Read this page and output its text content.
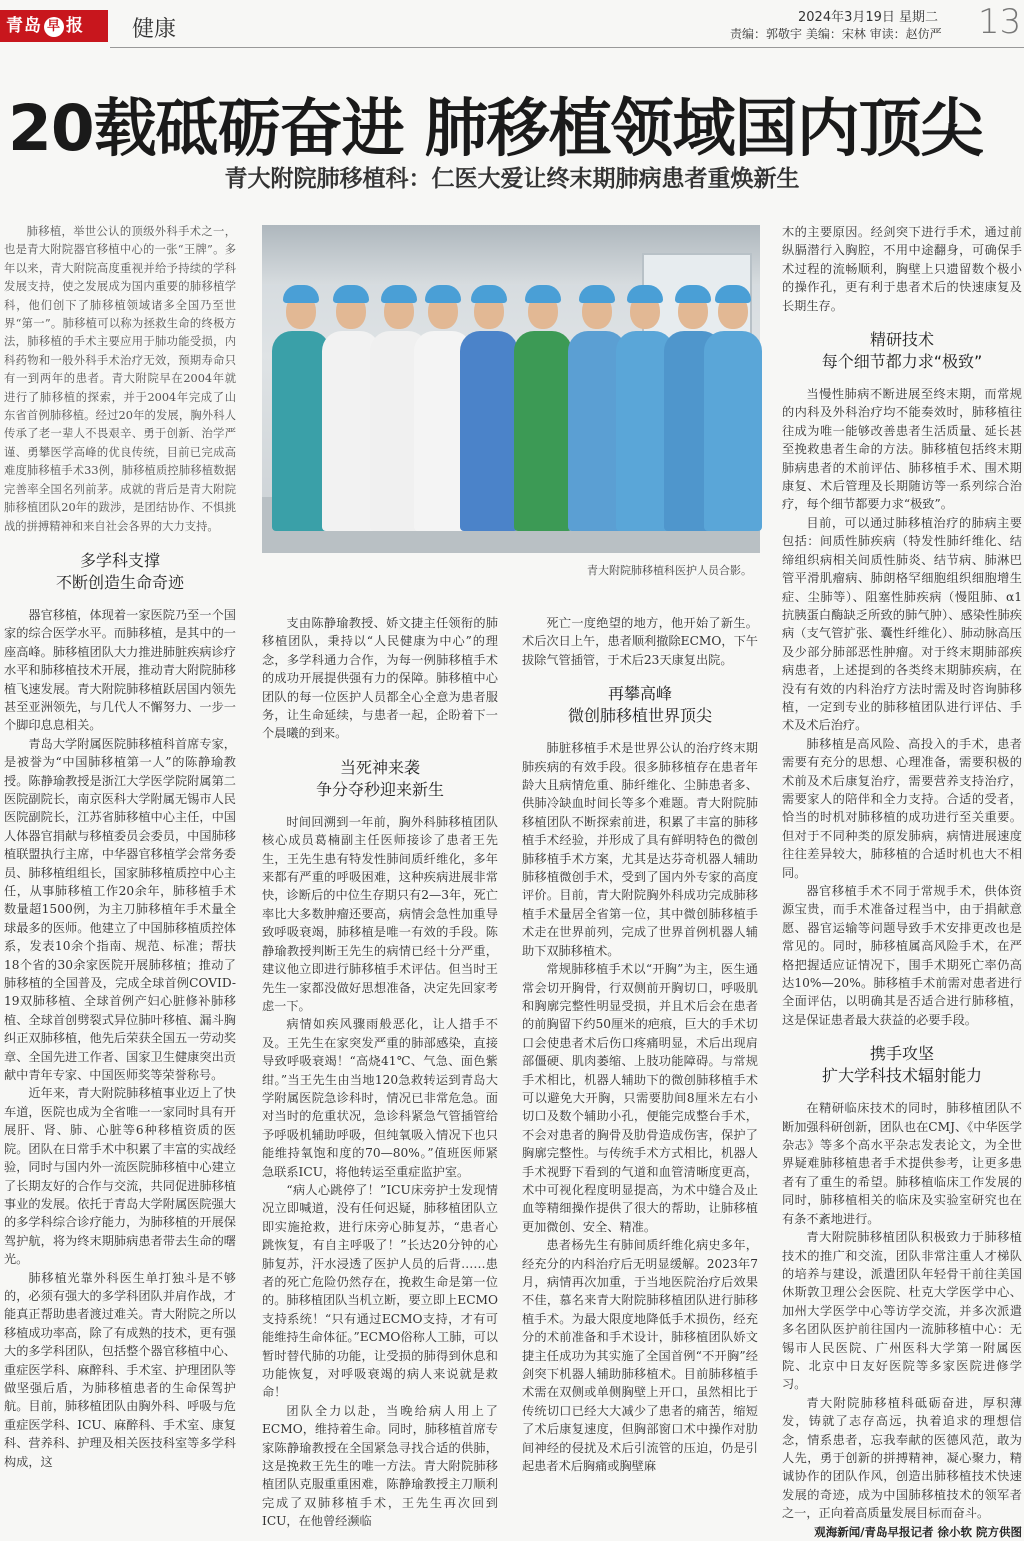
青岛 早 报	健康	2024年3月19日 星期二
责编：郭敬宇 美编：宋林 审读：赵仿严 13
20载砥砺奋进 肺移植领域国内顶尖
青大附院肺移植科：仁医大爱让终末期肺病患者重焕新生

肺移植，举世公认的顶级外科手术之一，也是青大附院器官移植中心的一张“王牌”。多年以来，青大附院高度重视并给予持续的学科发展支持，使之发展成为国内重要的肺移植学科，他们创下了肺移植领域诸多全国乃至世界“第一”。肺移植可以称为拯救生命的终极方法，肺移植的手术主要应用于肺功能受损，内科药物和一般外科手术治疗无效，预期寿命只有一到两年的患者。青大附院早在2004年就进行了肺移植的探索，并于2004年完成了山东省首例肺移植。经过20年的发展，胸外科人传承了老一辈人不畏艰辛、勇于创新、治学严谨、勇攀医学高峰的优良传统，目前已完成高难度肺移植手术33例，肺移植质控肺移植数据完善率全国名列前茅。成就的背后是青大附院肺移植团队20年的跋涉，是团结协作、不惧挑战的拼搏精神和来自社会各界的大力支持。

多学科支撑
不断创造生命奇迹

器官移植，体现着一家医院乃至一个国家的综合医学水平。而肺移植，是其中的一座高峰。肺移植团队大力推进肺脏疾病诊疗水平和肺移植技术开展，推动青大附院肺移植飞速发展。青大附院肺移植跃居国内领先甚至亚洲领先，与几代人不懈努力、一步一个脚印息息相关。

青岛大学附属医院肺移植科首席专家，是被誉为“中国肺移植第一人”的陈静瑜教授。陈静瑜教授是浙江大学医学院附属第二医院副院长，南京医科大学附属无锡市人民医院副院长，江苏省肺移植中心主任，中国人体器官捐献与移植委员会委员，中国肺移植联盟执行主席，中华器官移植学会常务委员、肺移植组组长，国家肺移植质控中心主任，从事肺移植工作20余年，肺移植手术数量超1500例，为主刀肺移植年手术量全球最多的医师。他建立了中国肺移植质控体系，发表10余个指南、规范、标准；帮扶18个省的30余家医院开展肺移植；推动了肺移植的全国普及，完成全球首例COVID-19双肺移植、全球首例产妇心脏修补肺移植、全球首创劈裂式异位肺叶移植、漏斗胸纠正双肺移植，他先后荣获全国五一劳动奖章、全国先进工作者、国家卫生健康突出贡献中青年专家、中国医师奖等荣誉称号。

近年来，青大附院肺移植事业迈上了快车道，医院也成为全省唯一一家同时具有开展肝、肾、肺、心脏等6种移植资质的医院。团队在日常手术中积累了丰富的实战经验，同时与国内外一流医院肺移植中心建立了长期友好的合作与交流，共同促进肺移植事业的发展。依托于青岛大学附属医院强大的多学科综合诊疗能力，为肺移植的开展保驾护航，将为终末期肺病患者带去生命的曙光。

肺移植光靠外科医生单打独斗是不够的，必须有强大的多学科团队并肩作战，才能真正帮助患者渡过难关。青大附院之所以移植成功率高，除了有成熟的技术，更有强大的多学科团队，包括整个器官移植中心、重症医学科、麻醉科、手术室、护理团队等做坚强后盾，为肺移植患者的生命保驾护航。目前，肺移植团队由胸外科、呼吸与危重症医学科、ICU、麻醉科、手术室、康复科、营养科、护理及相关医技科室等多学科构成，这

青大附院肺移植科医护人员合影。

支由陈静瑜教授、娇文捷主任领衔的肺移植团队，秉持以“人民健康为中心”的理念，多学科通力合作，为每一例肺移植手术的成功开展提供强有力的保障。肺移植中心团队的每一位医护人员都全心全意为患者服务，让生命延续，与患者一起，企盼着下一个晨曦的到来。

当死神来袭
争分夺秒迎来新生

时间回溯到一年前，胸外科肺移植团队核心成员葛楠副主任医师接诊了患者王先生，王先生患有特发性肺间质纤维化，多年来都有严重的呼吸困难，这种疾病进展非常快，诊断后的中位生存期只有2—3年，死亡率比大多数肿瘤还要高，病情会急性加重导致呼吸衰竭，肺移植是唯一有效的手段。陈静瑜教授判断王先生的病情已经十分严重，建议他立即进行肺移植手术评估。但当时王先生一家都没做好思想准备，决定先回家考虑一下。

病情如疾风骤雨般恶化，让人措手不及。王先生在家突发严重的肺部感染，直接导致呼吸衰竭！“高烧41℃、气急、面色紫绀。”当王先生由当地120急救转运到青岛大学附属医院急诊科时，情况已非常危急。面对当时的危重状况，急诊科紧急气管插管给予呼吸机辅助呼吸，但纯氧吸入情况下也只能维持氧饱和度的70—80%。”值班医师紧急联系ICU，将他转运至重症监护室。

“病人心跳停了！”ICU床旁护士发现情况立即喊道，没有任何迟疑，肺移植团队立即实施抢救，进行床旁心肺复苏，“患者心跳恢复，有自主呼吸了！”长达20分钟的心肺复苏，汗水浸透了医护人员的后背……患者的死亡危险仍然存在，挽救生命是第一位的。肺移植团队当机立断，要立即上ECMO支持系统！“只有通过ECMO支持，才有可能维持生命体征。”ECMO俗称人工肺，可以暂时替代肺的功能，让受损的肺得到休息和功能恢复，对呼吸衰竭的病人来说就是救命！

团队全力以赴，当晚给病人用上了ECMO，维持着生命。同时，肺移植首席专家陈静瑜教授在全国紧急寻找合适的供肺，这是挽救王先生的唯一方法。青大附院肺移植团队克服重重困难，陈静瑜教授主刀顺利完成了双肺移植手术，王先生再次回到ICU，在他曾经濒临

死亡一度绝望的地方，他开始了新生。术后次日上午，患者顺利撤除ECMO，下午拔除气管插管，于术后23天康复出院。

再攀高峰
微创肺移植世界顶尖

肺脏移植手术是世界公认的治疗终末期肺疾病的有效手段。很多肺移植存在患者年龄大且病情危重、肺纤维化、尘肺患者多、供肺冷缺血时间长等多个难题。青大附院肺移植团队不断探索前进，积累了丰富的肺移植手术经验，并形成了具有鲜明特色的微创肺移植手术方案，尤其是达芬奇机器人辅助肺移植微创手术，受到了国内外专家的高度评价。目前，青大附院胸外科成功完成肺移植手术量居全省第一位，其中微创肺移植手术走在世界前列，完成了世界首例机器人辅助下双肺移植术。

常规肺移植手术以“开胸”为主，医生通常会切开胸骨，行双侧前开胸切口，呼吸肌和胸廓完整性明显受损，并且术后会在患者的前胸留下约50厘米的疤痕，巨大的手术切口会使患者术后伤口疼痛明显，术后出现肩部僵硬、肌肉萎缩、上肢功能障碍。与常规手术相比，机器人辅助下的微创肺移植手术可以避免大开胸，只需要肋间8厘米左右小切口及数个辅助小孔，便能完成整台手术，不会对患者的胸骨及肋骨造成伤害，保护了胸廓完整性。与传统手术方式相比，机器人手术视野下看到的气道和血管清晰度更高，术中可视化程度明显提高，为术中缝合及止血等精细操作提供了很大的帮助，让肺移植更加微创、安全、精准。

患者杨先生有肺间质纤维化病史多年，经充分的内科治疗后无明显缓解。2023年7月，病情再次加重，于当地医院治疗后效果不佳，慕名来青大附院肺移植团队进行肺移植手术。为最大限度地降低手术损伤，经充分的术前准备和手术设计，肺移植团队娇文捷主任成功为其实施了全国首例“不开胸”经剑突下机器人辅助肺移植术。目前肺移植手术需在双侧或单侧胸壁上开口，虽然相比于传统切口已经大大减少了患者的痛苦，缩短了术后康复速度，但胸部窗口术中操作对肋间神经的侵扰及术后引流管的压迫，仍是引起患者术后胸痛或胸壁麻

木的主要原因。经剑突下进行手术，通过前纵膈潜行入胸腔，不用中途翻身，可确保手术过程的流畅顺利，胸壁上只遗留数个极小的操作孔，更有利于患者术后的快速康复及长期生存。

精研技术
每个细节都力求“极致”

当慢性肺病不断进展至终末期，而常规的内科及外科治疗均不能奏效时，肺移植往往成为唯一能够改善患者生活质量、延长甚至挽救患者生命的方法。肺移植包括终末期肺病患者的术前评估、肺移植手术、围术期康复、术后管理及长期随访等一系列综合治疗，每个细节都要力求“极致”。

目前，可以通过肺移植治疗的肺病主要包括：间质性肺疾病（特发性肺纤维化、结缔组织病相关间质性肺炎、结节病、肺淋巴管平滑肌瘤病、肺朗格罕细胞组织细胞增生症、尘肺等）、阻塞性肺疾病（慢阻肺、α1抗胰蛋白酶缺乏所致的肺气肿）、感染性肺疾病（支气管扩张、囊性纤维化）、肺动脉高压及少部分肺部恶性肿瘤。对于终末期肺部疾病患者，上述提到的各类终末期肺疾病，在没有有效的内科治疗方法时需及时咨询肺移植，一定到专业的肺移植团队进行评估、手术及术后治疗。

肺移植是高风险、高投入的手术，患者需要有充分的思想、心理准备，需要积极的术前及术后康复治疗，需要营养支持治疗，需要家人的陪伴和全力支持。合适的受者，恰当的时机对肺移植的成功进行至关重要。但对于不同种类的原发肺病，病情进展速度往往差异较大，肺移植的合适时机也大不相同。

器官移植手术不同于常规手术，供体资源宝贵，而手术准备过程当中，由于捐献意愿、器官运输等问题导致手术安排更改也是常见的。同时，肺移植属高风险手术，在严格把握适应证情况下，围手术期死亡率仍高达10%—20%。肺移植手术前需对患者进行全面评估，以明确其是否适合进行肺移植，这是保证患者最大获益的必要手段。

携手攻坚
扩大学科技术辐射能力

在精研临床技术的同时，肺移植团队不断加强科研创新，团队也在CMJ、《中华医学杂志》等多个高水平杂志发表论文，为全世界疑难肺移植患者手术提供参考，让更多患者有了重生的希望。肺移植临床工作发展的同时，肺移植相关的临床及实验室研究也在有条不紊地进行。

青大附院肺移植团队积极致力于肺移植技术的推广和交流，团队非常注重人才梯队的培养与建设，派遣团队年轻骨干前往美国休斯敦卫理公会医院、杜克大学医学中心、加州大学医学中心等访学交流，并多次派遣多名团队医护前往国内一流肺移植中心：无锡市人民医院、广州医科大学第一附属医院、北京中日友好医院等多家医院进修学习。

青大附院肺移植科砥砺奋进，厚积薄发，铸就了志存高远，执着追求的理想信念，情系患者，忘我奉献的医德风范，敢为人先，勇于创新的拼搏精神，凝心聚力，精诚协作的团队作风，创造出肺移植技术快速发展的奇迹，成为中国肺移植技术的领军者之一，正向着高质量发展目标而奋斗。

观海新闻/青岛早报记者 徐小软 院方供图
